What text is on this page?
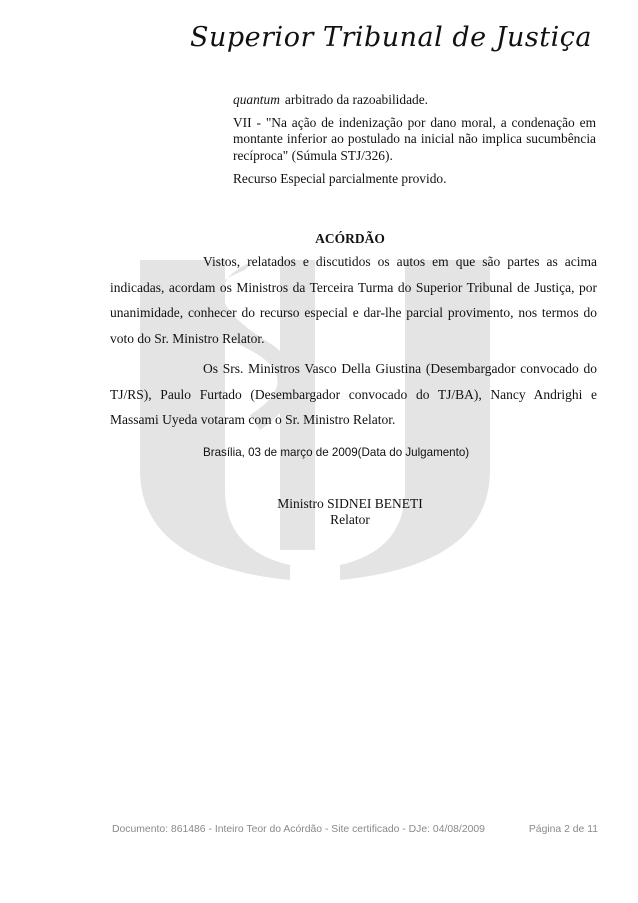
Superior Tribunal de Justiça

quantum arbitrado da razoabilidade.

VII - "Na ação de indenização por dano moral, a condenação em montante inferior ao postulado na inicial não implica sucumbência recíproca" (Súmula STJ/326).

Recurso Especial parcialmente provido.

ACÓRDÃO

Vistos, relatados e discutidos os autos em que são partes as acima indicadas, acordam os Ministros da Terceira Turma do Superior Tribunal de Justiça, por unanimidade, conhecer do recurso especial e dar-lhe parcial provimento, nos termos do voto do Sr. Ministro Relator.

Os Srs. Ministros Vasco Della Giustina (Desembargador convocado do TJ/RS), Paulo Furtado (Desembargador convocado do TJ/BA), Nancy Andrighi e Massami Uyeda votaram com o Sr. Ministro Relator.

Brasília, 03 de março de 2009(Data do Julgamento)
Ministro SIDNEI BENETI
Relator
Documento: 861486 - Inteiro Teor do Acórdão - Site certificado - DJe: 04/08/2009	Página 2 de 11
